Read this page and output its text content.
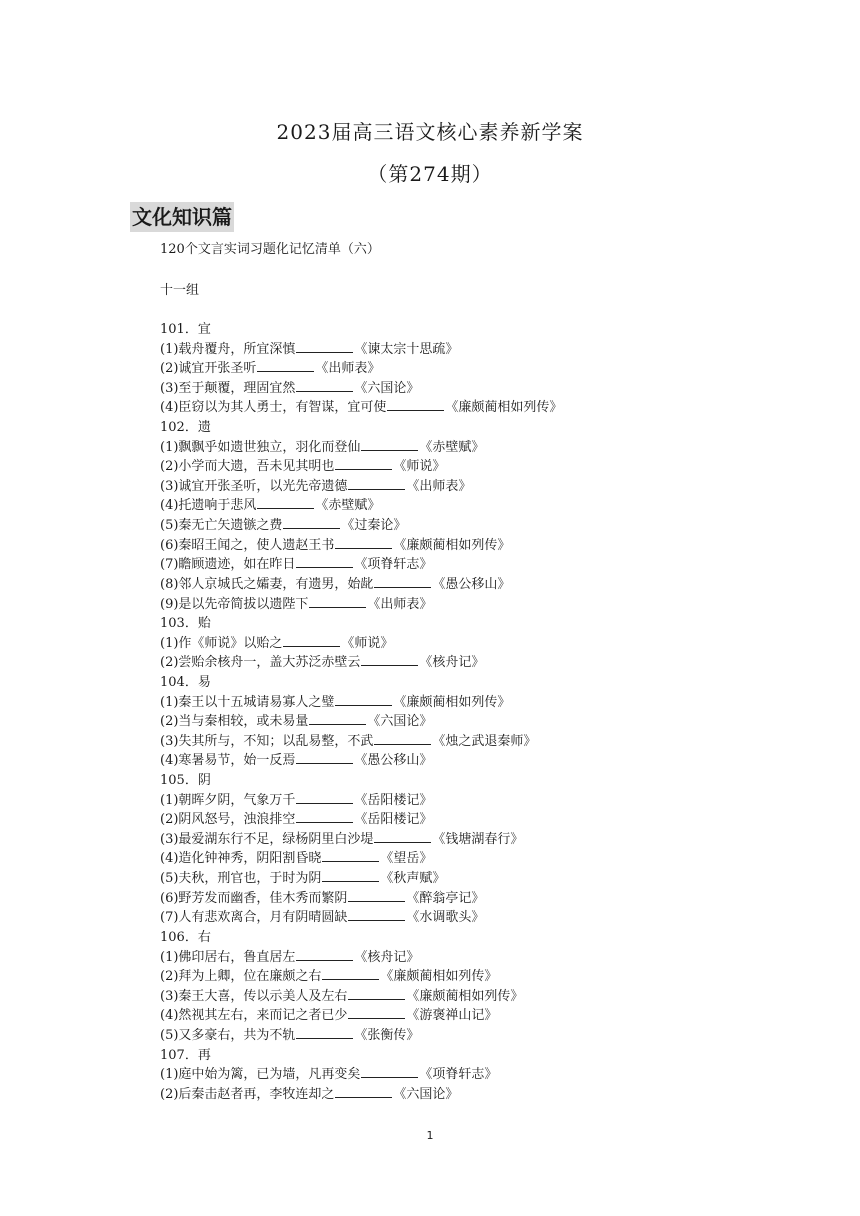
2023届高三语文核心素养新学案
（第274期）
文化知识篇
120个文言实词习题化记忆清单（六）
十一组
101．宜
(1)载舟覆舟，所宜深慎	《谏太宗十思疏》
(2)诚宜开张圣听	《出师表》
(3)至于颠覆，理固宜然	《六国论》
(4)臣窃以为其人勇士，有智谋，宜可使	《廉颇蔺相如列传》
102．遗
(1)飘飘乎如遗世独立，羽化而登仙	《赤壁赋》
(2)小学而大遗，吾未见其明也	《师说》
(3)诚宜开张圣听，以光先帝遗德	《出师表》
(4)托遗响于悲风	《赤壁赋》
(5)秦无亡矢遗镞之费	《过秦论》
(6)秦昭王闻之，使人遗赵王书	《廉颇蔺相如列传》
(7)瞻顾遗迹，如在昨日	《项脊轩志》
(8)邻人京城氏之孀妻，有遗男，始龀	《愚公移山》
(9)是以先帝简拔以遗陛下	《出师表》
103．贻
(1)作《师说》以贻之	《师说》
(2)尝贻余核舟一，盖大苏泛赤壁云	《核舟记》
104．易
(1)秦王以十五城请易寡人之璧	《廉颇蔺相如列传》
(2)当与秦相较，或未易量	《六国论》
(3)失其所与，不知；以乱易整，不武	《烛之武退秦师》
(4)寒暑易节，始一反焉	《愚公移山》
105．阴
(1)朝晖夕阴，气象万千	《岳阳楼记》
(2)阴风怒号，浊浪排空	《岳阳楼记》
(3)最爱湖东行不足，绿杨阴里白沙堤	《钱塘湖春行》
(4)造化钟神秀，阴阳割昏晓	《望岳》
(5)夫秋，刑官也，于时为阴	《秋声赋》
(6)野芳发而幽香，佳木秀而繁阴	《醉翁亭记》
(7)人有悲欢离合，月有阴晴圆缺	《水调歌头》
106．右
(1)佛印居右，鲁直居左	《核舟记》
(2)拜为上卿，位在廉颇之右	《廉颇蔺相如列传》
(3)秦王大喜，传以示美人及左右	《廉颇蔺相如列传》
(4)然视其左右，来而记之者已少	《游褒禅山记》
(5)又多豪右，共为不轨	《张衡传》
107．再
(1)庭中始为篱，已为墙，凡再变矣	《项脊轩志》
(2)后秦击赵者再，李牧连却之	《六国论》
1
